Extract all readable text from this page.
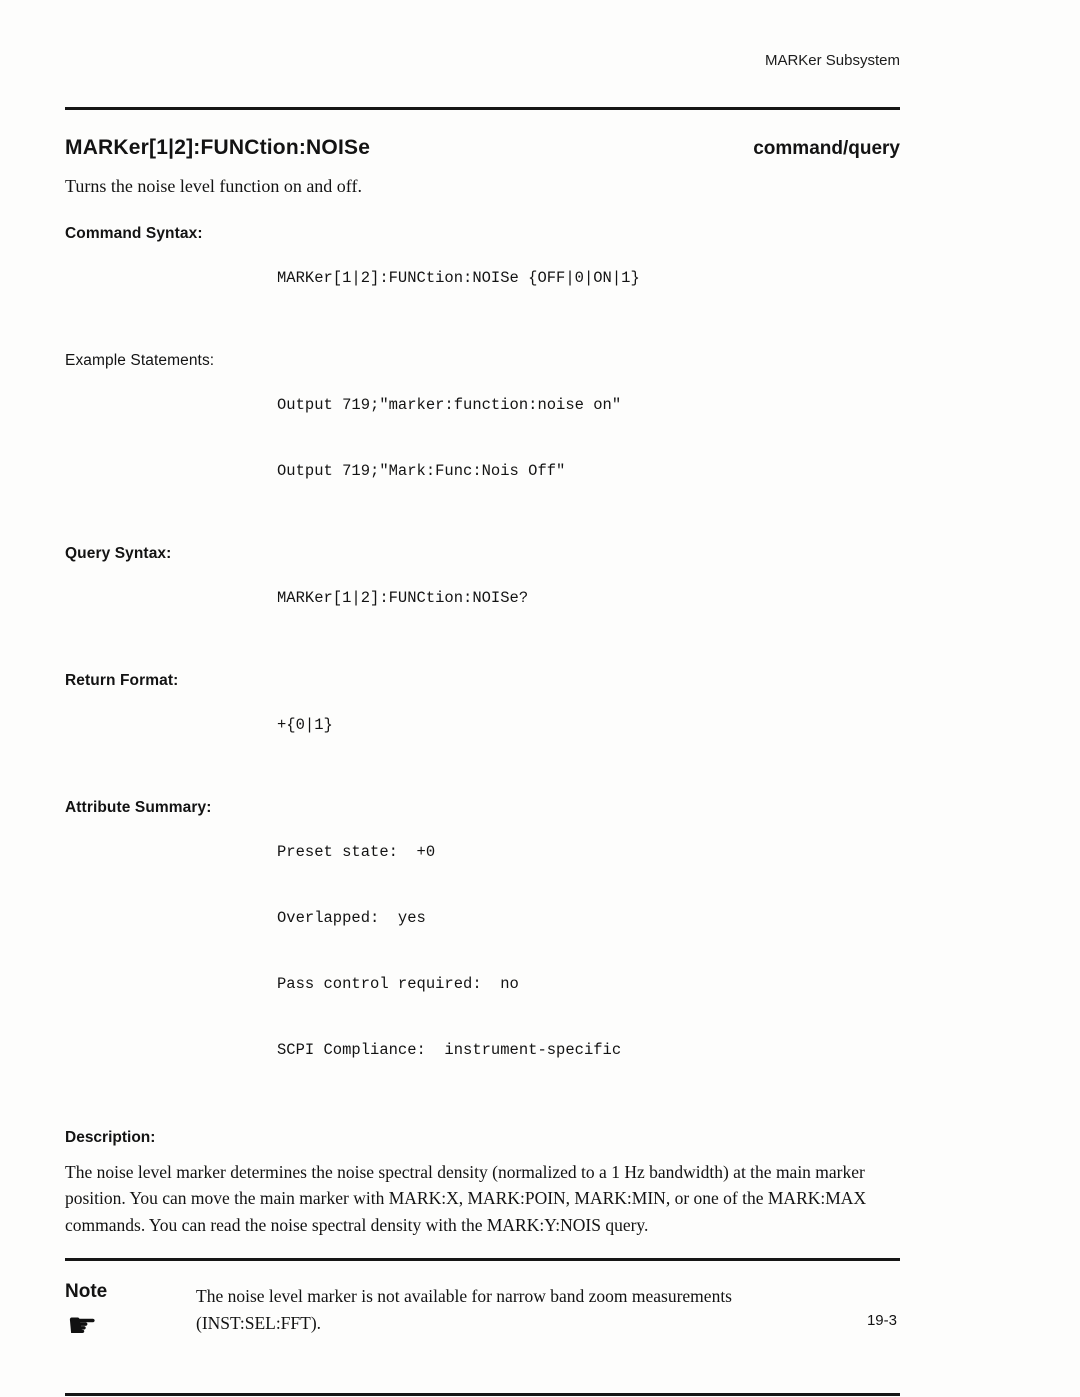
MARKer Subsystem
MARKer[1|2]:FUNCtion:NOISe	command/query
Turns the noise level function on and off.
Command Syntax:

MARKer[1|2]:FUNCtion:NOISe {OFF|0|ON|1}

Example Statements:

Output 719;"marker:function:noise on"

Output 719;"Mark:Func:Nois Off"

Query Syntax:

MARKer[1|2]:FUNCtion:NOISe?

Return Format:

+{0|1}

Attribute Summary:

Preset state:  +0

Overlapped:  yes

Pass control required:  no

SCPI Compliance:  instrument-specific

Description:
The noise level marker determines the noise spectral density (normalized to a 1 Hz bandwidth) at the main marker position. You can move the main marker with MARK:X, MARK:POIN, MARK:MIN, or one of the MARK:MAX commands. You can read the noise spectral density with the MARK:Y:NOIS query.
Note
☛
The noise level marker is not available for narrow band zoom measurements (INST:SEL:FFT).	19-3
